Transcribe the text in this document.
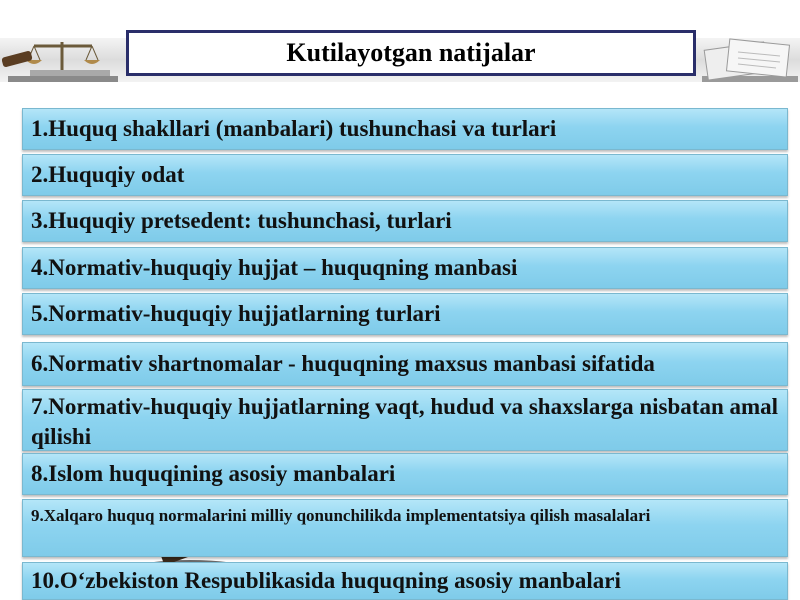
Kutilayotgan natijalar
1.Huquq shakllari (manbalari) tushunchasi va turlari
2.Huquqiy odat
3.Huquqiy pretsedent: tushunchasi, turlari
4.Normativ-huquqiy hujjat – huquqning manbasi
5.Normativ-huquqiy hujjatlarning turlari
6.Normativ shartnomalar - huquqning maxsus manbasi sifatida
7.Normativ-huquqiy hujjatlarning vaqt, hudud va shaxslarga nisbatan amal qilishi
8.Islom huquqining asosiy manbalari
9.Xalqaro huquq normalarini milliy qonunchilikda implementatsiya qilish masalalari
10.O‘zbekiston Respublikasida huquqning asosiy manbalari
